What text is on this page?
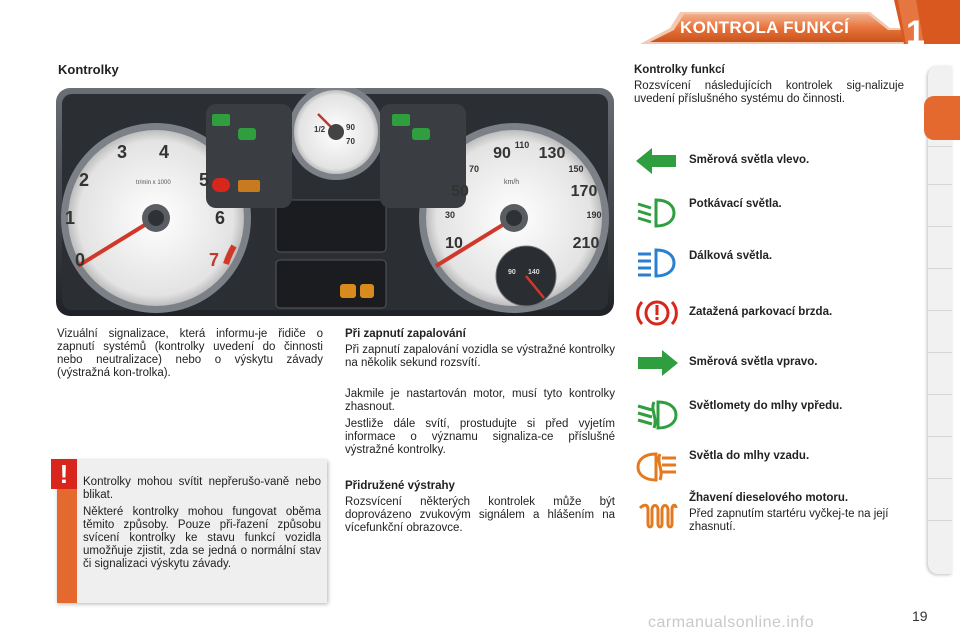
KONTROLA FUNKCÍ 1
Kontrolky
0
1
2
3 4
5
6
7
tr/min x 1000
10
30
50
70
90 110 130
150
170
190
210
km/h
90
1/2
70
90 140

Vizuální signalizace, která informu-je řidiče o zapnutí systémů (kontrolky uvedení do činnosti nebo neutralizace) nebo o výskytu závady (výstražná kon-trolka).

Při zapnutí zapalování

Při zapnutí zapalování vozidla se výstražné kontrolky na několik sekund rozsvítí.

Jakmile je nastartován motor, musí tyto kontrolky zhasnout.

Jestliže dále svítí, prostudujte si před vyjetím informace o významu signaliza-ce příslušné výstražné kontrolky.

Přidružené výstrahy

Rozsvícení některých kontrolek může být doprovázeno zvukovým signálem a hlášením na vícefunkční obrazovce.

!	Kontrolky mohou svítit nepřerušo-vaně nebo blikat.

Některé kontrolky mohou fungovat oběma těmito způsoby. Pouze při-řazení způsobu svícení kontrolky ke stavu funkcí vozidla umožňuje zjistit, zda se jedná o normální stav či signalizaci výskytu závady.

Kontrolky funkcí

Rozsvícení následujících kontrolek sig-nalizuje uvedení příslušného systému do činnosti.

Směrová světla vlevo.
Potkávací světla.
Dálková světla.
Zatažená parkovací brzda.
Směrová světla vpravo.
Světlomety do mlhy vpředu.
Světla do mlhy vzadu.
Žhavení dieselového motoru.

Před zapnutím startéru vyčkej-te na její zhasnutí.

carmanualsonline.info	19
